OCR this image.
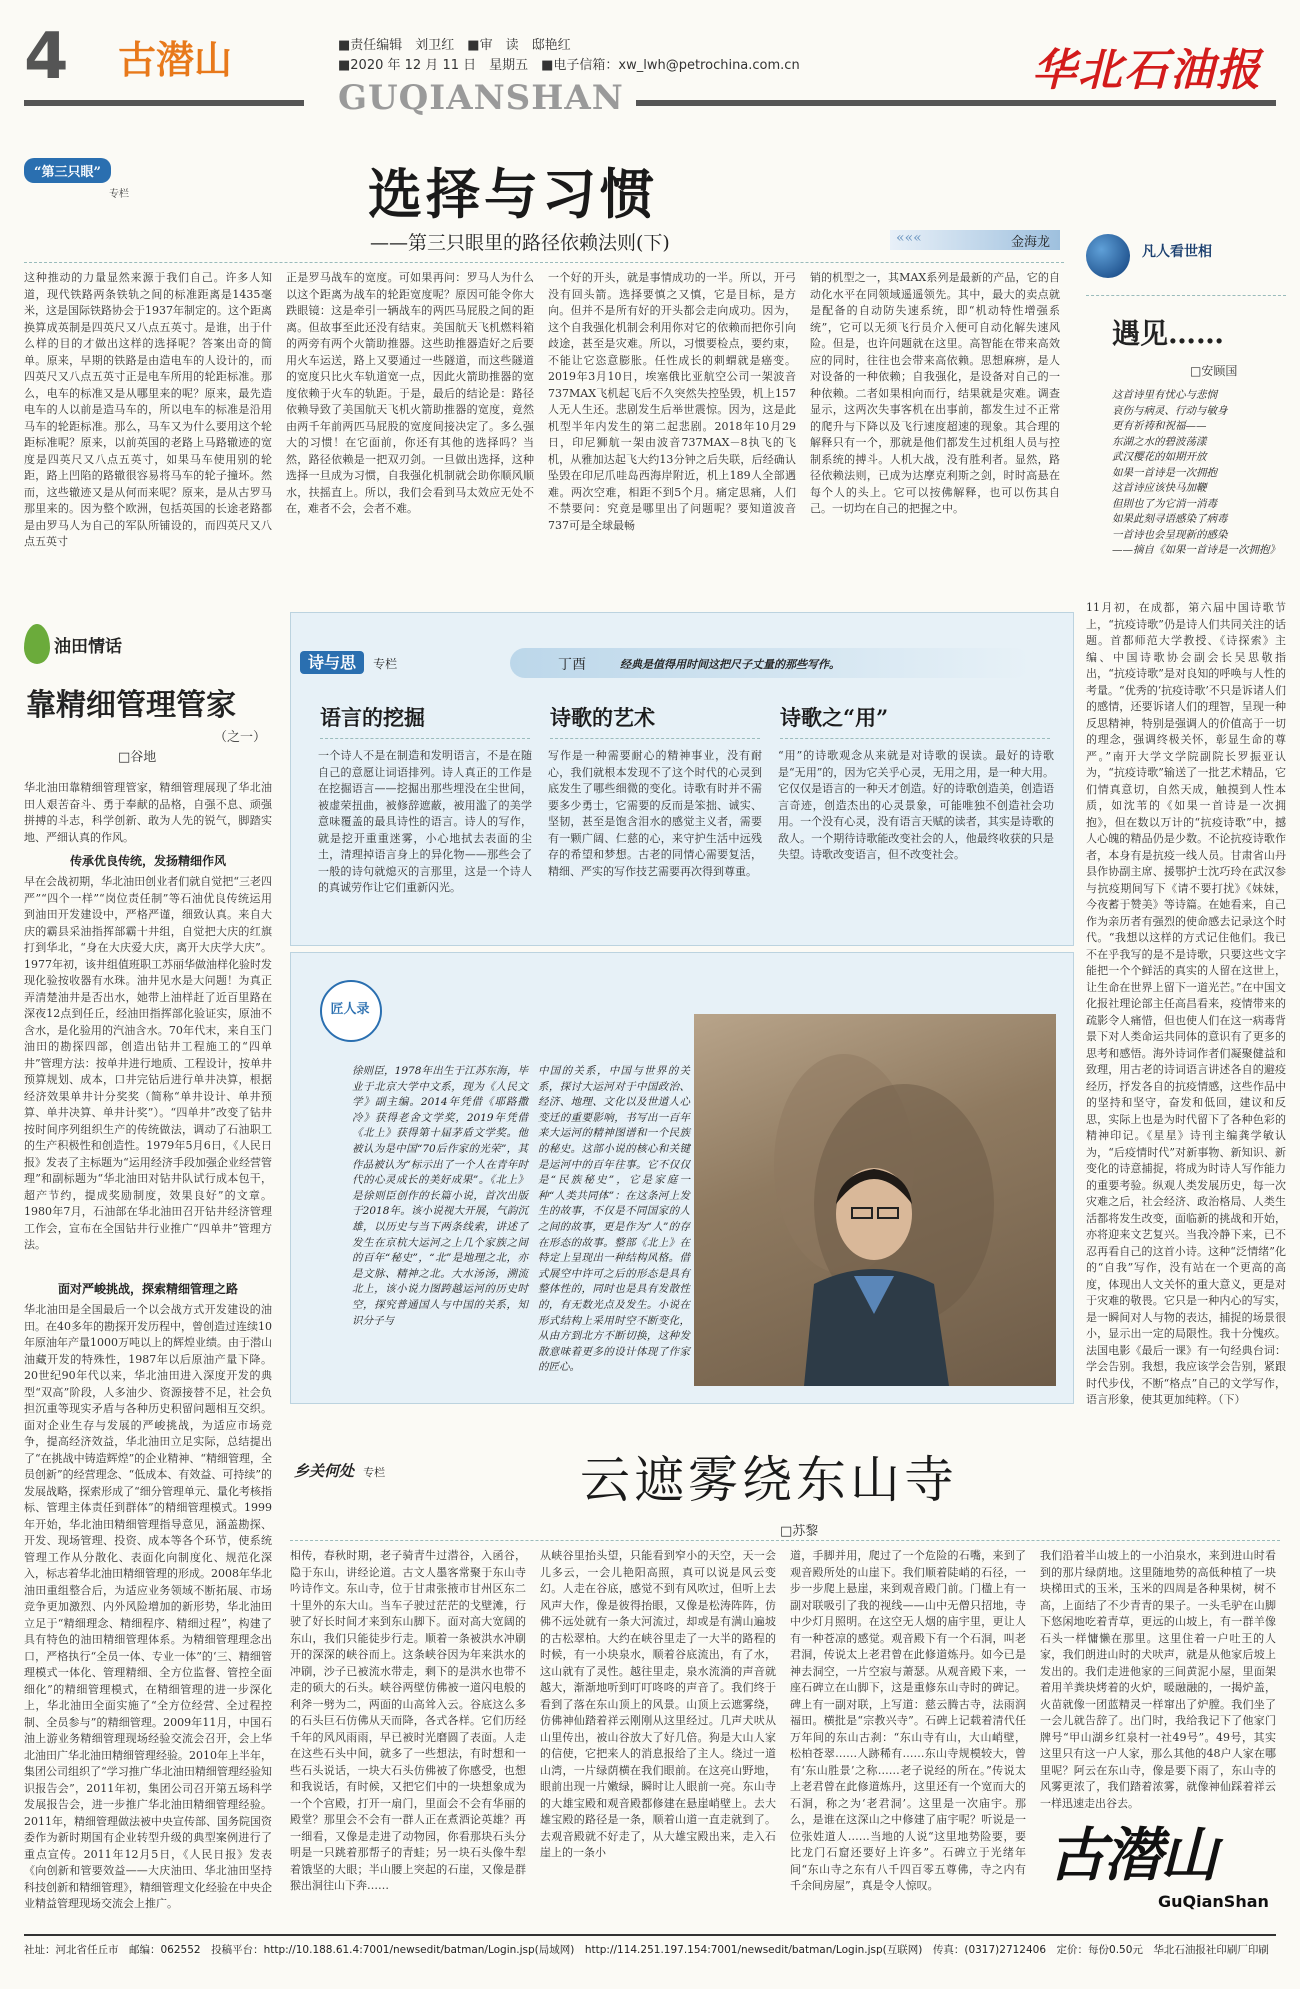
4 古潜山	■责任编辑　刘卫红　■审　读　邸艳红
■2020 年 12 月 11 日　星期五　■电子信箱：xw_lwh@petrochina.com.cn
GUQIANSHAN
华北石油报
“第三只眼”
专栏	选择与习惯
——第三只眼里的路径依赖法则(下)	«««	金海龙
这种推动的力量显然来源于我们自己。许多人知道，现代铁路两条铁轨之间的标准距离是1435毫米，这是国际铁路协会于1937年制定的。这个距离换算成英制是四英尺又八点五英寸。是谁，出于什么样的目的才做出这样的选择呢？答案出奇的简单。原来，早期的铁路是由造电车的人设计的，而四英尺又八点五英寸正是电车所用的轮距标准。那么，电车的标准又是从哪里来的呢？原来，最先造电车的人以前是造马车的，所以电车的标准是沿用马车的轮距标准。那么，马车又为什么要用这个轮距标准呢？原来，以前英国的老路上马路辙迹的宽度是四英尺又八点五英寸，如果马车使用别的轮距，路上凹陷的路辙很容易将马车的轮子撞坏。然而，这些辙迹又是从何而来呢？原来，是从古罗马那里来的。因为整个欧洲，包括英国的长途老路都是由罗马人为自己的军队所铺设的，而四英尺又八点五英寸
正是罗马战车的宽度。可如果再问：罗马人为什么以这个距离为战车的轮距宽度呢？原因可能令你大跌眼镜：这是牵引一辆战车的两匹马屁股之间的距离。但故事至此还没有结束。美国航天飞机燃料箱的两旁有两个火箭助推器。这些助推器造好之后要用火车运送，路上又要通过一些隧道，而这些隧道的宽度只比火车轨道宽一点，因此火箭助推器的宽度依赖于火车的轨距。于是，最后的结论是：路径依赖导致了美国航天飞机火箭助推器的宽度，竟然由两千年前两匹马屁股的宽度间接决定了。多么强大的习惯！在它面前，你还有其他的选择吗？当然，路径依赖是一把双刃剑。一旦做出选择，这种选择一旦成为习惯，自我强化机制就会助你顺风顺水，扶摇直上。所以，我们会看到马太效应无处不在，难者不会，会者不难。
一个好的开头，就是事情成功的一半。所以，开弓没有回头箭。选择要慎之又慎，它是目标，是方向。但并不是所有好的开头都会走向成功。因为，这个自我强化机制会利用你对它的依赖而把你引向歧途，甚至是灾难。所以，习惯要检点，要约束，不能让它恣意膨胀。任性成长的刺蝟就是癌变。2019年3月10日，埃塞俄比亚航空公司一架波音737MAX飞机起飞后不久突然失控坠毁，机上157人无人生还。悲剧发生后举世震惊。因为，这是此机型半年内发生的第二起悲剧。2018年10月29日，印尼狮航一架由波音737MAX－8执飞的飞机，从雅加达起飞大约13分钟之后失联，后经确认坠毁在印尼爪哇岛西海岸附近，机上189人全部遇难。两次空难，相距不到5个月。痛定思痛，人们不禁要问：究竟是哪里出了问题呢？要知道波音737可是全球最畅
销的机型之一，其MAX系列是最新的产品，它的自动化水平在同领域遥遥领先。其中，最大的卖点就是配备的自动防失速系统，即“机动特性增强系统”，它可以无须飞行员介入便可自动化解失速风险。但是，也许问题就在这里。高智能在带来高效应的同时，往往也会带来高依赖。思想麻痹，是人对设备的一种依赖；自我强化，是设备对自己的一种依赖。二者如果相向而行，结果就是灾难。调查显示，这两次失事客机在出事前，都发生过不正常的爬升与下降以及飞行速度超速的现象。其合理的解释只有一个，那就是他们都发生过机组人员与控制系统的搏斗。人机大战，没有胜利者。显然，路径依赖法则，已成为达摩克利斯之剑，时时高悬在每个人的头上。它可以按佛解释，也可以伤其自己。一切均在自己的把握之中。
凡人看世相
遇见……
□安顾国
这首诗里有忧心与悲悯
哀伤与病灵、行动与敏身
更有祈祷和祝福——
东湖之水的碧波荡漾
武汉樱花的如期开放
如果一首诗是一次拥抱
这首诗应该快马加鞭
但則也了为它消一消毒
如果此刻寻语感染了病毒
一首诗也会呈现新的感染
——摘自《如果一首诗是一次拥抱》
11月初，在成都，第六届中国诗歌节上，“抗疫诗歌”仍是诗人们共同关注的话题。首都师范大学教授、《诗探索》主编、中国诗歌协会副会长吴思敬指出，“抗疫诗歌”是对良知的呼唤与人性的考量。“优秀的‘抗疫诗歌’不只是诉诸人们的感情，还要诉诸人们的理智，呈现一种反思精神，特别是强调人的价值高于一切的理念，强调终极关怀，彰显生命的尊严。”南开大学文学院副院长罗振亚认为，“抗疫诗歌”输送了一批艺术精品，它们情真意切，自然天成，触摸到人性本质，如沈苇的《如果一首诗是一次拥抱》，但在数以万计的“抗疫诗歌”中，撼人心魄的精品仍是少数。不论抗疫诗歌作者，本身有是抗疫一线人员。甘肃省山丹县作协副主席、援鄂护士沈巧玲在武汉参与抗疫期间写下《请不要打扰》《妹妹，今夜蓄于赞美》等诗篇。在她看来，自己作为亲历者有强烈的使命感去记录这个时代。“我想以这样的方式记住他们。我已不在乎我写的是不是诗歌，只要这些文字能把一个个鲜活的真实的人留在这世上，让生命在世界上留下一道光芒。”在中国文化报社理论部主任高昌看来，疫情带来的疏影令人痛惜，但也使人们在这一病毒背景下对人类命运共同体的意识有了更多的思考和感悟。海外诗词作者们凝聚健益和致理，用古老的诗词语言讲述各自的避疫经历，抒发各自的抗疫情感，这些作品中的坚持和坚守，奋发和低回，建议和反思，实际上也是为时代留下了各种色彩的精神印记。《星星》诗刊主编龚学敏认为，“后疫情时代”对新事物、新知识、新变化的诗意捕捉，将成为时诗人写作能力的重要考验。纵观人类发展历史，每一次灾难之后，社会经济、政治格局、人类生活都将发生改变，面临新的挑战和开始，亦将迎来文艺复兴。当我冷静下来，已不忍再看自己的这首小诗。这种“泛情绪”化的“自我”写作，没有站在一个更高的高度，体现出人文关怀的重大意义，更是对于灾难的敬畏。它只是一种内心的写实，是一瞬间对人与物的表达，捕捉的场景很小，显示出一定的局限性。我十分愧疚。法国电影《最后一课》有一句经典台词：学会告别。我想，我应该学会告别，紧跟时代步伐，不断“格点”自己的文学写作，语言形象，使其更加纯粹。（下）
油田情话
靠精细管理管家
（之一）
□谷地
华北油田靠精细管理管家，精细管理展现了华北油田人艰苦奋斗、勇于奉献的品格，自强不息、顽强拼搏的斗志，科学创新、敢为人先的锐气，脚踏实地、严细认真的作风。
传承优良传统，发扬精细作风
早在会战初期，华北油田创业者们就自觉把“三老四严”“四个一样”“岗位责任制”等石油优良传统运用到油田开发建设中，严格严谨，细致认真。来自大庆的霸县采油指挥部霸十井组，自觉把大庆的红旗打到华北，“身在大庆爱大庆，离开大庆学大庆”。1977年初，该井组值班职工苏丽华做油样化验时发现化验按收器有水珠。油井见水是大问题！为真正弄清楚油井是否出水，她带上油样赶了近百里路在深夜12点到任丘，经油田指挥部化验证实，原油不含水，是化验用的汽油含水。70年代末，来自玉门油田的勘探四部，创造出钻井工程施工的“四单井”管理方法：按单井进行地质、工程设计，按单井预算规划、成本，口井完钻后进行单井决算，根据经济效果单井计分奖奖（简称“单井设计、单井预算、单井决算、单井计奖”）。“四单井”改变了钻井按时间序列组织生产的传统做法，调动了石油职工的生产积极性和创造性。1979年5月6日，《人民日报》发表了主标题为“运用经济手段加强企业经营管理”和副标题为“华北油田对钻井队试行成本包干，超产节约，提成奖励制度，效果良好”的文章。1980年7月，石油部在华北油田召开钻井经济管理工作会，宣布在全国钻井行业推广“四单井”管理方法。
面对严峻挑战，探索精细管理之路
华北油田是全国最后一个以会战方式开发建设的油田。在40多年的勘探开发历程中，曾创造过连续10年原油年产量1000万吨以上的辉煌业绩。由于潜山油藏开发的特殊性，1987年以后原油产量下降。20世纪90年代以来，华北油田进入深度开发的典型“双高”阶段，人多油少、资源接替不足，社会负担沉重等现实矛盾与各种历史积留问题相互交织。面对企业生存与发展的严峻挑战，为适应市场竞争，提高经济效益，华北油田立足实际，总结提出了“在挑战中铸造辉煌”的企业精神、“精细管理，全员创新”的经营理念、“低成本、有效益、可持续”的发展战略，探索形成了“细分管理单元、量化考核指标、管理主体责任到群体”的精细管理模式。1999年开始，华北油田精细管理指导意见，涵盖勘探、开发、现场管理、投资、成本等各个环节，使系统管理工作从分散化、表面化向制度化、规范化深入，标志着华北油田精细管理的形成。2008年华北油田重组整合后，为适应业务领域不断拓展、市场竞争更加激烈、内外风险增加的新形势，华北油田立足于“精细理念、精细程序、精细过程”，构建了具有特色的油田精细管理体系。为精细管理理念出口，严格执行“全员一体、专业一体”的‘三、精细管理模式一体化、管理精细、全方位监督、管控全面细化”的精细管理模式，在精细管理的进一步深化上，华北油田全面实施了“全方位经营、全过程控制、全员参与”的精细管理。2009年11月，中国石油上游业务精细管理现场经验交流会召开，会上华北油田广华北油田精细管理经验。2010年上半年，集团公司组织了“学习推广华北油田精细管理经验知识报告会”，2011年初，集团公司召开第五场科学发展报告会，进一步推广华北油田精细管理经验。2011年，精细管理做法被中央宣传部、国务院国资委作为新时期国有企业转型升级的典型案例进行了重点宣传。2011年12月5日，《人民日报》发表《向创新和管要效益——大庆油田、华北油田坚持科技创新和精细管理》，精细管理文化经验在中央企业精益管理现场交流会上推广。
诗与思 专栏	丁酉	经典是值得用时间这把尺子丈量的那些写作。
语言的挖掘
一个诗人不是在制造和发明语言，不是在随自己的意愿让词语排列。诗人真正的工作是在挖掘语言——挖掘出那些埋没在尘世间，被虚荣扭曲，被修辞遮蔽，被用滥了的美学意味覆盖的最具诗性的语言。诗人的写作，就是挖开重重迷雾，小心地拭去表面的尘土，清理掉语言身上的异化物——那些会了一般的诗句就熄灭的言那里，这是一个诗人的真诚劳作让它们重新闪光。
诗歌的艺术
写作是一种需要耐心的精神事业，没有耐心，我们就根本发现不了这个时代的心灵到底发生了哪些细微的变化。诗歌有时并不需要多少勇士，它需要的反而是笨拙、诚实、坚韧，甚至是饱含泪水的感觉主义者，需要有一颗广阔、仁慈的心，来守护生活中远残存的希望和梦想。古老的同情心需要复活，精细、严实的写作技艺需要再次得到尊重。
诗歌之“用”
“用”的诗歌观念从来就是对诗歌的误读。最好的诗歌是“无用”的，因为它关乎心灵，无用之用，是一种大用。它仅仅是语言的一种天才创造。好的诗歌创造美，创造语言奇迹，创造杰出的心灵景象，可能唯独不创造社会功用。一个没有心灵，没有语言天赋的读者，其实是诗歌的敌人。一个期待诗歌能改变社会的人，他最终收获的只是失望。诗歌改变语言，但不改变社会。
匠人录
徐则臣，1978年出生于江苏东海，毕业于北京大学中文系，现为《人民文学》副主编。2014年凭借《耶路撒冷》获得老舍文学奖，2019年凭借《北上》获得第十届茅盾文学奖。他被认为是中国“70后作家的光荣”，其作品被认为“标示出了一个人在青年时代的心灵成长的美好成果”。《北上》是徐则臣创作的长篇小说，首次出版于2018年。该小说视大开展，气韵沉雄，以历史与当下两条线索，讲述了发生在京杭大运河之上几个家族之间的百年“秘史”，“北”是地理之北，亦是文脉、精神之北。大水汤汤，溯流北上，该小说力图跨越运河的历史时空，探究普通国人与中国的关系，知识分子与
中国的关系，中国与世界的关系，探讨大运河对于中国政治、经济、地理、文化以及世道人心变迁的重要影响，书写出一百年来大运河的精神图谱和一个民族的秘史。这部小说的核心和关键是运河中的百年往事。它不仅仅是“民族秘史”，它是家庭一种“人类共同体”：在这条河上发生的故事，不仅是不同国家的人之间的故事，更是作为“人”的存在形态的故事。整部《北上》在特定上呈现出一种结构风格。借式展空中许可之后的形态是具有整体性的，同时也是具有发散性的，有无数光点及发生。小说在形式结构上采用时空不断变化，从由方到北方不断切换，这种发散意味着更多的设计体现了作家的匠心。
乡关何处 专栏	云遮雾绕东山寺
□苏黎
相传，春秋时期，老子骑青牛过潜谷，入函谷，隐于东山，讲经论道。古文人墨客常聚于东山寺吟诗作文。东山寺，位于甘肃张掖市甘州区东二十里外的东大山。当车子驶过茫茫的戈壁滩，行驶了好长时间才来到东山脚下。面对高大宽阔的东山，我们只能徒步行走。顺着一条被洪水冲刷开的深深的峡谷而上。这条峡谷因为年来洪水的冲刷，沙子已被流水带走，剩下的是洪水也带不走的硕大的石头。峡谷两壁仿佛被一道闪电般的利斧一劈为二，两面的山高耸入云。谷底这么多的石头巨石仿佛从天而降，各式各样。它们历经千年的风风雨雨，早已被时光磨圆了表面。人走在这些石头中间，就多了一些想法，有时想和一些石头说话，一块大石头仿佛被了你感受，也想和我说话，有时候，又把它们中的一块想象成为一个个宫殿，打开一扇门，里面会不会有华丽的殿堂？那里会不会有一群人正在煮酒论英雄？再一细看，又像是走进了动物园，你看那块石头分明是一只跳着那帮子的青蛙；另一块石头像牛犁着饿坚的大眼；半山腰上突起的石崖，又像是群猴出洞往山下奔……
从峡谷里抬头望，只能看到窄小的天空，天一会儿多云，一会儿艳阳高照，真可以说是风云变幻。人走在谷底，感觉不到有风吹过，但听上去风声大作，像是彼得抬眼，又像是松涛阵阵，仿佛不远处就有一条大河流过，却或是有满山遍坡的古松翠柏。大约在峡谷里走了一大半的路程的时候，有一小块泉水，顺着谷底流出，有了水，这山就有了灵性。越往里走，泉水流淌的声音就越大，渐渐地听到叮叮咚咚的声音了。我们终于看到了落在东山顶上的风景。山顶上云遮雾绕，仿佛神仙踏着祥云刚刚从这里经过。几声犬吠从山里传出，被山谷放大了好几倍。狗是大山人家的信使，它把来人的消息报给了主人。绕过一道山湾，一片绿荫横在我们眼前。在这亮山野地，眼前出现一片嫩绿，瞬时让人眼前一亮。东山寺的大雄宝殿和观音殿都修建在悬崖峭壁上。去大雄宝殿的路径是一条，顺着山道一直走就到了。去观音殿就不好走了，从大雄宝殿出来，走入石崖上的一条小
道，手脚并用，爬过了一个危险的石嘴，来到了观音殿所处的山崖下。我们顺着陡峭的石径，一步一步爬上悬崖，来到观音殿门前。门楹上有一副对联吸引了我的视线——山中无僧只招地，寺中少灯月照明。在这空无人烟的庙宇里，更让人有一种苍凉的感觉。观音殿下有一个石洞，叫老君洞，传说太上老君曾在此修道炼丹。如今已是神去洞空，一片空寂与萧瑟。从观音殿下来，一座石碑立在山脚下，这是重修东山寺时的碑记。碑上有一副对联，上写道：慈云腾古寺，法雨润福田。横批是“宗教兴寺”。石碑上记载着清代任万年间的东山古刹：“东山寺有山，大山峭壁，松柏苍翠……人跡稀有……东山寺规模较大，曾有‘东山胜景’之称……老子说经的所在。”传说太上老君曾在此修道炼丹，这里还有一个宽而大的石洞，称之为‘老君洞’。这里是一次庙宇。那么，是谁在这深山之中修建了庙宇呢？听说是一位张姓道人……当地的人说“这里地势险要，要比龙门石窟还要好上许多”。石碑立于光绪年间“东山寺之东有八千四百零五尊佛，寺之内有千余间房屋”，真是令人惊叹。
我们沿着半山坡上的一小泊泉水，来到进山时看到的那片绿荫地。这里随地势的高低种植了一块块梯田式的玉米，玉米的四周是各种果树，树不高，上面结了不少青青的果子。一头毛驴在山脚下悠闲地吃着青草，更远的山坡上，有一群羊像石头一样慵懒在那里。这里住着一户吐王的人家，我们朗进山时的犬吠声，就是从他家后坡上发出的。我们走进他家的三间黄泥小屋，里面架着用羊粪块烤着的火炉，暖融融的，一揭炉盖，火苗就像一团蓝精灵一样窜出了炉膛。我们坐了一会儿就告辞了。出门时，我给我记下了他家门牌号“甲山湖乡红泉村一社49号”。49号，其实这里只有这一户人家，那么其他的48户人家在哪里呢？阿云在东山寺，像是要下雨了，东山寺的风雾更浓了，我们踏着浓雾，就像神仙踩着祥云一样迅速走出谷去。
古潜山
GuQianShan
社址：河北省任丘市　邮编：062552　投稿平台：http://10.188.61.4:7001/newsedit/batman/Login.jsp(局域网)　http://114.251.197.154:7001/newsedit/batman/Login.jsp(互联网)　传真：(0317)2712406　定价：每份0.50元　华北石油报社印刷厂印刷
